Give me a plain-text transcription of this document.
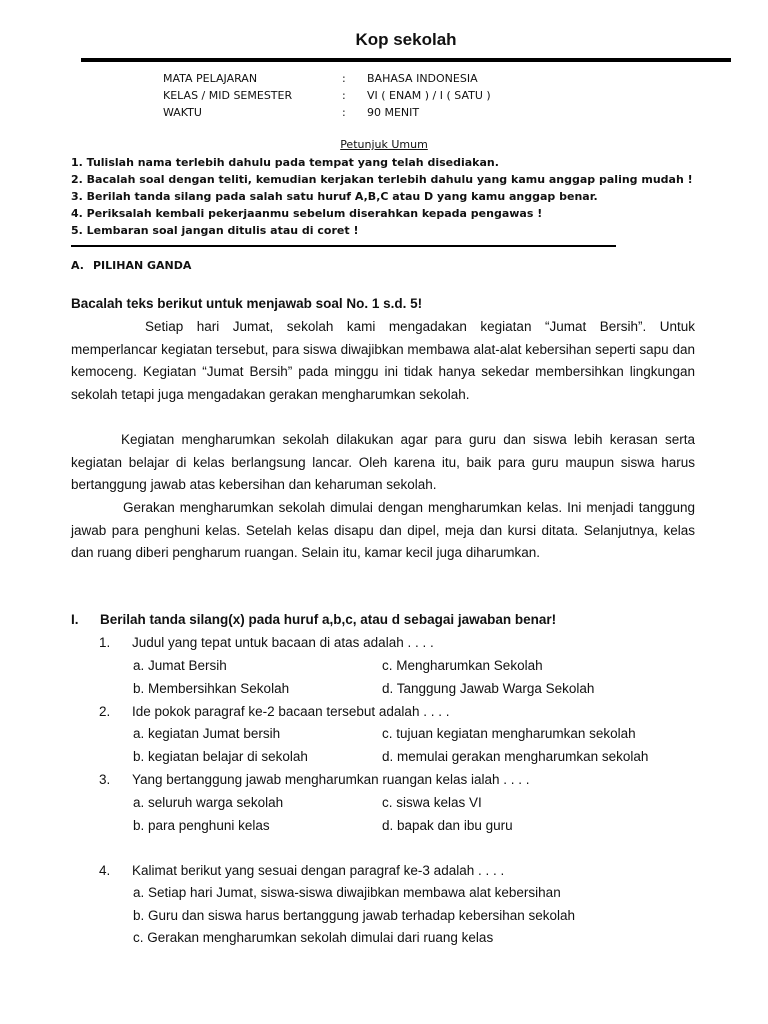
Kop sekolah
MATA PELAJARAN	: BAHASA INDONESIA
KELAS / MID SEMESTER	: VI ( ENAM ) / I ( SATU )
WAKTU	: 90 MENIT
Petunjuk Umum
1. Tulislah nama terlebih dahulu pada tempat yang telah disediakan.
2. Bacalah soal dengan teliti, kemudian kerjakan terlebih dahulu yang kamu anggap paling mudah !
3. Berilah tanda silang pada salah satu huruf A,B,C atau D yang kamu anggap benar.
4. Periksalah kembali pekerjaanmu sebelum diserahkan kepada pengawas !
5. Lembaran soal jangan ditulis atau di coret !
A. PILIHAN GANDA
Bacalah teks berikut untuk menjawab soal No. 1 s.d. 5!
Setiap hari Jumat, sekolah kami mengadakan kegiatan “Jumat Bersih”. Untuk memperlancar kegiatan tersebut, para siswa diwajibkan membawa alat-alat kebersihan seperti sapu dan kemoceng. Kegiatan “Jumat Bersih” pada minggu ini tidak hanya sekedar membersihkan lingkungan sekolah tetapi juga mengadakan gerakan mengharumkan sekolah.
Kegiatan mengharumkan sekolah dilakukan agar para guru dan siswa lebih kerasan serta kegiatan belajar di kelas berlangsung lancar. Oleh karena itu, baik para guru maupun siswa harus bertanggung jawab atas kebersihan dan keharuman sekolah.
Gerakan mengharumkan sekolah dimulai dengan mengharumkan kelas. Ini menjadi tanggung jawab para penghuni kelas. Setelah kelas disapu dan dipel, meja dan kursi ditata. Selanjutnya, kelas dan ruang diberi pengharum ruangan. Selain itu, kamar kecil juga diharumkan.
I. Berilah tanda silang(x) pada huruf a,b,c, atau d sebagai jawaban benar!
1. Judul yang tepat untuk bacaan di atas adalah . . . .
a. Jumat Bersih	c. Mengharumkan Sekolah
b. Membersihkan Sekolah	d. Tanggung Jawab Warga Sekolah
2. Ide pokok paragraf ke-2 bacaan tersebut adalah . . . .
a. kegiatan Jumat bersih	c. tujuan kegiatan mengharumkan sekolah
b. kegiatan belajar di sekolah	d. memulai gerakan mengharumkan sekolah
3. Yang bertanggung jawab mengharumkan ruangan kelas ialah . . . .
a. seluruh warga sekolah	c. siswa kelas VI
b. para penghuni kelas	d. bapak dan ibu guru
4. Kalimat berikut yang sesuai dengan paragraf ke-3 adalah . . . .
a. Setiap hari Jumat, siswa-siswa diwajibkan membawa alat kebersihan
b. Guru dan siswa harus bertanggung jawab terhadap kebersihan sekolah
c. Gerakan mengharumkan sekolah dimulai dari ruang kelas
